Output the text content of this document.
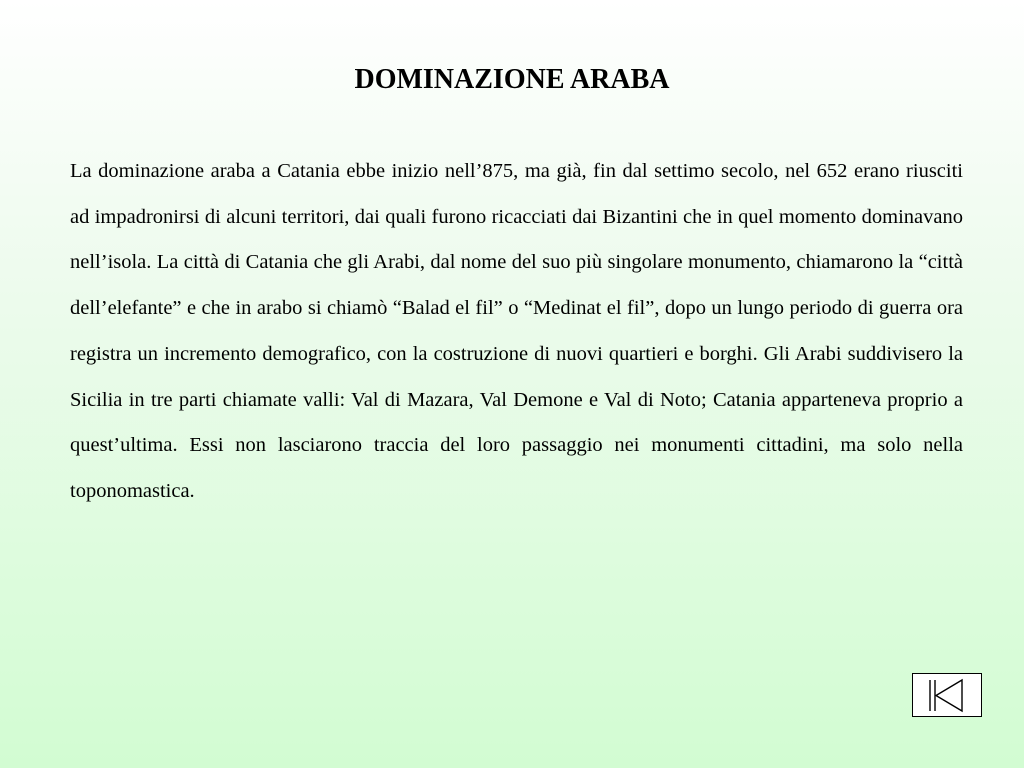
DOMINAZIONE ARABA

La dominazione araba a Catania ebbe inizio nell’875, ma già, fin dal settimo secolo, nel 652 erano riusciti ad impadronirsi di alcuni territori, dai quali furono ricacciati dai Bizantini che in quel momento dominavano nell’isola. La città di Catania che gli Arabi, dal nome del suo più singolare monumento, chiamarono la “città dell’elefante” e che in arabo si chiamò “Balad el fil” o “Medinat el fil”, dopo un lungo periodo di guerra ora registra un incremento demografico, con la costruzione di nuovi quartieri e borghi. Gli Arabi suddivisero la Sicilia in tre parti chiamate valli: Val di Mazara, Val Demone e Val di Noto; Catania apparteneva proprio a quest’ultima. Essi non lasciarono traccia del loro passaggio nei monumenti cittadini, ma solo nella toponomastica.
